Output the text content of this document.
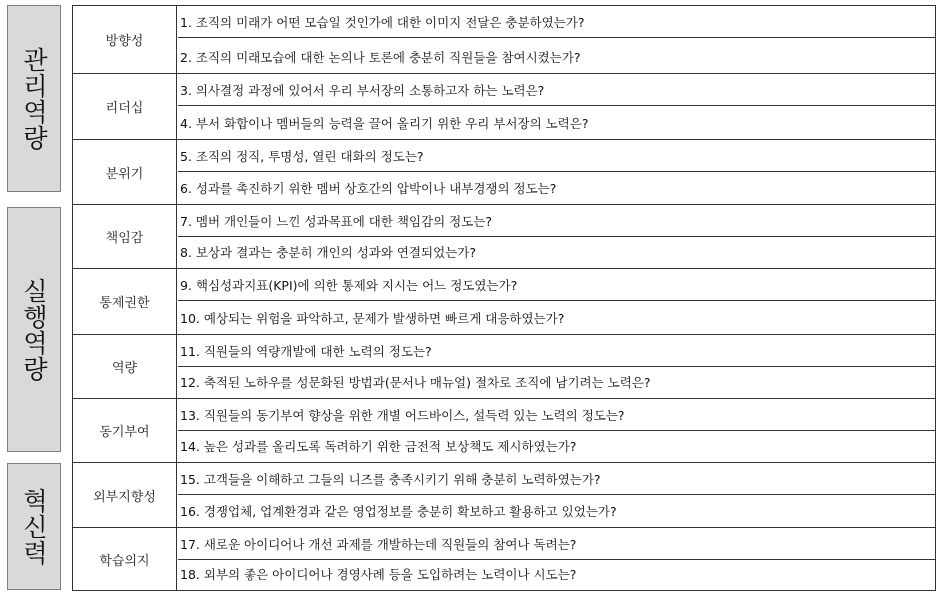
관리역량
실행역량
혁신력
방향성
1. 조직의 미래가 어떤 모습일 것인가에 대한 이미지 전달은 충분하였는가?
2. 조직의 미래모습에 대한 논의나 토론에 충분히 직원들을 참여시켰는가?
리더십
3. 의사결정 과정에 있어서 우리 부서장의 소통하고자 하는 노력은?
4. 부서 화합이나 멤버들의 능력을 끌어 올리기 위한 우리 부서장의 노력은?
분위기
5. 조직의 정직, 투명성, 열린 대화의 정도는?
6. 성과를 촉진하기 위한 멤버 상호간의 압박이나 내부경쟁의 정도는?
책임감
7. 멤버 개인들이 느낀 성과목표에 대한 책임감의 정도는?
8. 보상과 결과는 충분히 개인의 성과와 연결되었는가?
통제권한
9. 핵심성과지표(KPI)에 의한 통제와 지시는 어느 정도였는가?
10. 예상되는 위험을 파악하고, 문제가 발생하면 빠르게 대응하였는가?
역량
11. 직원들의 역량개발에 대한 노력의 정도는?
12. 축적된 노하우를 성문화된 방법과(문서나 매뉴얼) 절차로 조직에 남기려는 노력은?
동기부여
13. 직원들의 동기부여 향상을 위한 개별 어드바이스, 설득력 있는 노력의 정도는?
14. 높은 성과를 올리도록 독려하기 위한 금전적 보상책도 제시하였는가?
외부지향성
15. 고객들을 이해하고 그들의 니즈를 충족시키기 위해 충분히 노력하였는가?
16. 경쟁업체, 업계환경과 같은 영업정보를 충분히 확보하고 활용하고 있었는가?
학습의지
17. 새로운 아이디어나 개선 과제를 개발하는데 직원들의 참여나 독려는?
18. 외부의 좋은 아이디어나 경영사례 등을 도입하려는 노력이나 시도는?
